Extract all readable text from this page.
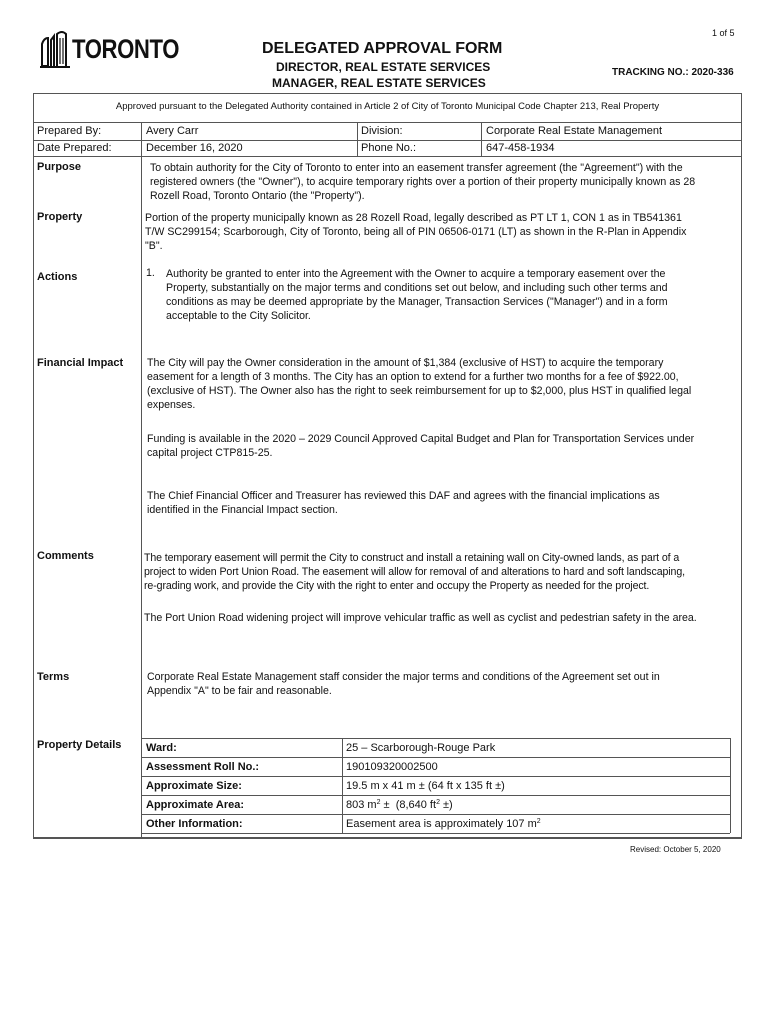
1 of 5
TORONTO	DELEGATED APPROVAL FORM
DIRECTOR, REAL ESTATE SERVICES
MANAGER, REAL ESTATE SERVICES
TRACKING NO.: 2020-336
Approved pursuant to the Delegated Authority contained in Article 2 of City of Toronto Municipal Code Chapter 213, Real Property
Prepared By:	Avery Carr	Division:	Corporate Real Estate Management
Date Prepared:	December 16, 2020	Phone No.:	647-458-1934
Purpose	To obtain authority for the City of Toronto to enter into an easement transfer agreement (the "Agreement") with the
registered owners (the "Owner"), to acquire temporary rights over a portion of their property municipally known as 28
Rozell Road, Toronto Ontario (the "Property").
Property	Portion of the property municipally known as 28 Rozell Road, legally described as PT LT 1, CON 1 as in TB541361
T/W SC299154; Scarborough, City of Toronto, being all of PIN 06506-0171 (LT) as shown in the R-Plan in Appendix
"B".
Actions	1. Authority be granted to enter into the Agreement with the Owner to acquire a temporary easement over the
Property, substantially on the major terms and conditions set out below, and including such other terms and
conditions as may be deemed appropriate by the Manager, Transaction Services ("Manager") and in a form
acceptable to the City Solicitor.
Financial Impact The City will pay the Owner consideration in the amount of $1,384 (exclusive of HST) to acquire the temporary
easement for a length of 3 months. The City has an option to extend for a further two months for a fee of $922.00,
(exclusive of HST). The Owner also has the right to seek reimbursement for up to $2,000, plus HST in qualified legal
expenses.
Funding is available in the 2020 – 2029 Council Approved Capital Budget and Plan for Transportation Services under
capital project CTP815-25.
The Chief Financial Officer and Treasurer has reviewed this DAF and agrees with the financial implications as
identified in the Financial Impact section.
Comments	The temporary easement will permit the City to construct and install a retaining wall on City-owned lands, as part of a
project to widen Port Union Road. The easement will allow for removal of and alterations to hard and soft landscaping,
re-grading work, and provide the City with the right to enter and occupy the Property as needed for the project.
The Port Union Road widening project will improve vehicular traffic as well as cyclist and pedestrian safety in the area.
Terms	Corporate Real Estate Management staff consider the major terms and conditions of the Agreement set out in
Appendix "A" to be fair and reasonable.
Property Details Ward:	25 – Scarborough-Rouge Park
Assessment Roll No.:	190109320002500
Approximate Size:	19.5 m x 41 m ± (64 ft x 135 ft ±)
Approximate Area:	803 $m^2 \pm (8,640$ $ft^2$ ±)
Other Information:	Easement area is approximately 107 $m^2$
Revised: October 5, 2020
